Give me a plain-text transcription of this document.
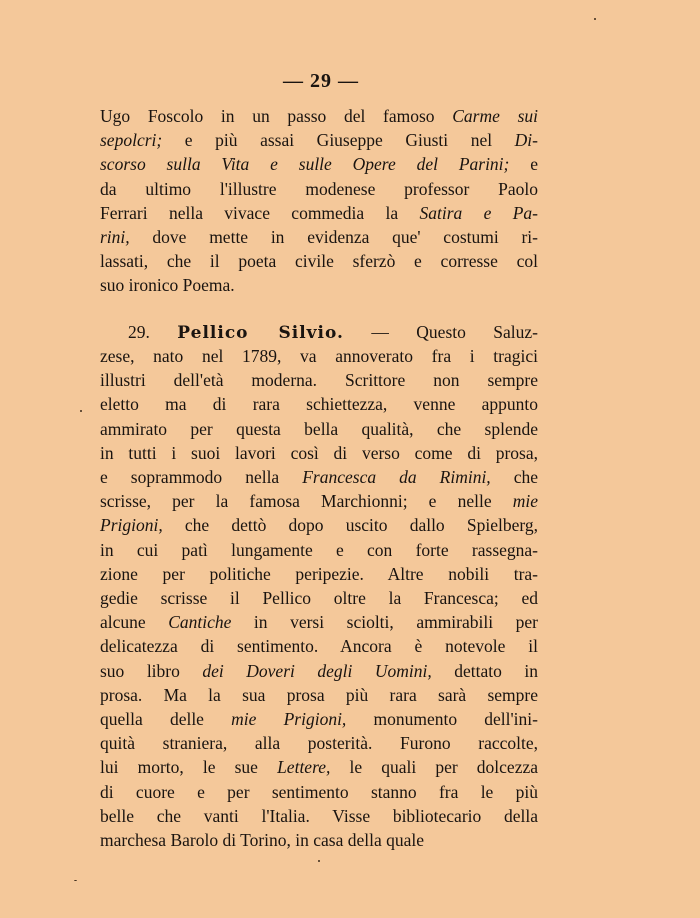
— 29 —
Ugo Foscolo in un passo del famoso Carme sui
sepolcri; e più assai Giuseppe Giusti nel Di-
scorso sulla Vita e sulle Opere del Parini; e
da ultimo l'illustre modenese professor Paolo
Ferrari nella vivace commedia la Satira e Pa-
rini, dove mette in evidenza que' costumi ri-
lassati, che il poeta civile sferzò e corresse col
suo ironico Poema.
29. Pellico Silvio. — Questo Saluz-
zese, nato nel 1789, va annoverato fra i tragici
illustri dell'età moderna. Scrittore non sempre
eletto ma di rara schiettezza, venne appunto
ammirato per questa bella qualità, che splende
in tutti i suoi lavori così di verso come di prosa,
e soprammodo nella Francesca da Rimini, che
scrisse, per la famosa Marchionni; e nelle mie
Prigioni, che dettò dopo uscito dallo Spielberg,
in cui patì lungamente e con forte rassegna-
zione per politiche peripezie. Altre nobili tra-
gedie scrisse il Pellico oltre la Francesca; ed
alcune Cantiche in versi sciolti, ammirabili per
delicatezza di sentimento. Ancora è notevole il
suo libro dei Doveri degli Uomini, dettato in
prosa. Ma la sua prosa più rara sarà sempre
quella delle mie Prigioni, monumento dell'ini-
quità straniera, alla posterità. Furono raccolte,
lui morto, le sue Lettere, le quali per dolcezza
di cuore e per sentimento stanno fra le più
belle che vanti l'Italia. Visse bibliotecario della
marchesa Barolo di Torino, in casa della quale
